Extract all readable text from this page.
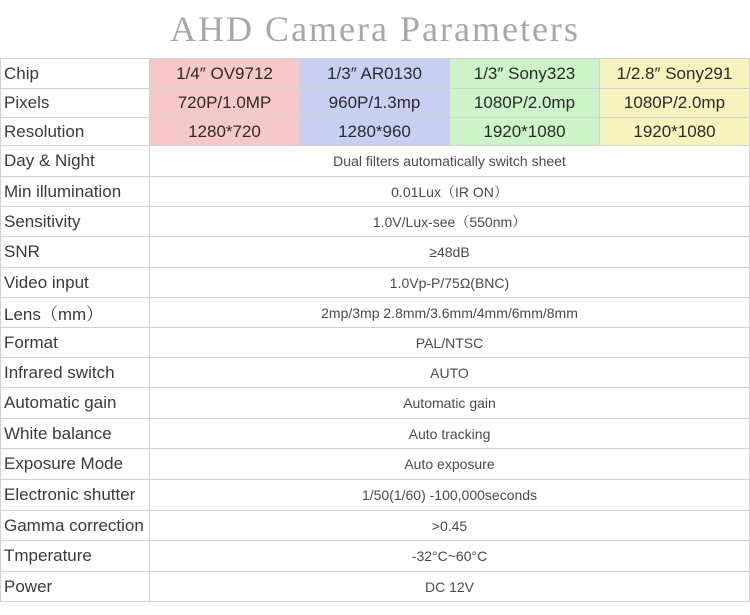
AHD Camera Parameters
Chip	1/4″ OV9712	1/3″ AR0130	1/3″ Sony323	1/2.8″ Sony291
Pixels	720P/1.0MP	960P/1.3mp	1080P/2.0mp	1080P/2.0mp
Resolution	1280*720	1280*960	1920*1080	1920*1080
Day & Night	Dual filters automatically switch sheet			
Min illumination	0.01Lux（IR ON）			
Sensitivity	1.0V/Lux-see（550nm）			
SNR	≥48dB			
Video input	1.0Vp-P/75Ω(BNC)			
Lens（mm）	2mp/3mp 2.8mm/3.6mm/4mm/6mm/8mm			
Format	PAL/NTSC			
Infrared switch	AUTO			
Automatic gain	Automatic gain			
White balance	Auto tracking			
Exposure Mode	Auto exposure			
Electronic shutter	1/50(1/60) -100,000seconds			
Gamma correction	>0.45			
Tmperature	-32°C~60°C			
Power	DC 12V			
